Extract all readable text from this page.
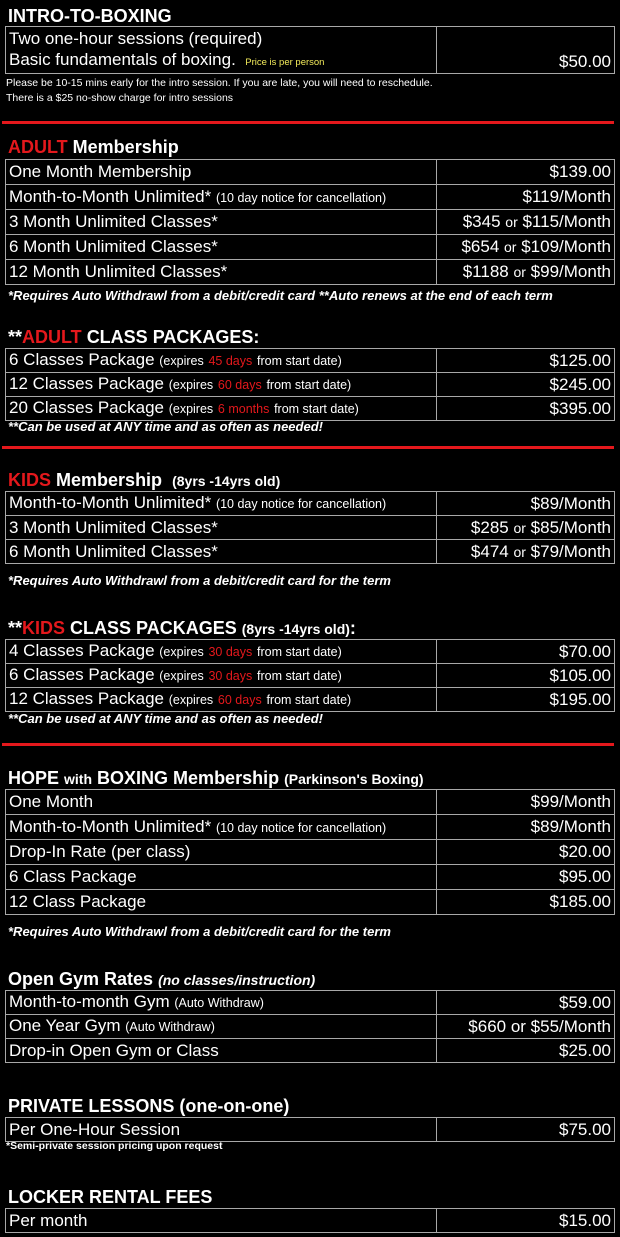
INTRO-TO-BOXING
Two one-hour sessions (required)	$50.00
Basic fundamentals of boxing. Price is per person

Please be 10-15 mins early for the intro session. If you are late, you will need to reschedule.

There is a $25 no-show charge for intro sessions

ADULT Membership
One Month Membership	$139.00
Month-to-Month Unlimited* (10 day notice for cancellation)	$119/Month
3 Month Unlimited Classes*	$345 or $115/Month
6 Month Unlimited Classes*	$654 or $109/Month
12 Month Unlimited Classes*	$1188 or $99/Month

*Requires Auto Withdrawl from a debit/credit card **Auto renews at the end of each term

**ADULT CLASS PACKAGES:
6 Classes Package (expires 45 days from start date)	$125.00
12 Classes Package (expires 60 days from start date)	$245.00
20 Classes Package (expires 6 months from start date)	$395.00

**Can be used at ANY time and as often as needed!

KIDS Membership (8yrs -14yrs old)
Month-to-Month Unlimited* (10 day notice for cancellation)	$89/Month
3 Month Unlimited Classes*	$285 or $85/Month
6 Month Unlimited Classes*	$474 or $79/Month

*Requires Auto Withdrawl from a debit/credit card for the term

**KIDS CLASS PACKAGES (8yrs -14yrs old):
4 Classes Package (expires 30 days from start date)	$70.00
6 Classes Package (expires 30 days from start date)	$105.00
12 Classes Package (expires 60 days from start date)	$195.00

**Can be used at ANY time and as often as needed!

HOPE with BOXING Membership (Parkinson's Boxing)
One Month	$99/Month
Month-to-Month Unlimited* (10 day notice for cancellation)	$89/Month
Drop-In Rate (per class)	$20.00
6 Class Package	$95.00
12 Class Package	$185.00

*Requires Auto Withdrawl from a debit/credit card for the term

Open Gym Rates (no classes/instruction)
Month-to-month Gym (Auto Withdraw)	$59.00
One Year Gym (Auto Withdraw)	$660 or $55/Month
Drop-in Open Gym or Class	$25.00
PRIVATE LESSONS (one-on-one)
Per One-Hour Session	$75.00

*Semi-private session pricing upon request

LOCKER RENTAL FEES
Per month	$15.00
